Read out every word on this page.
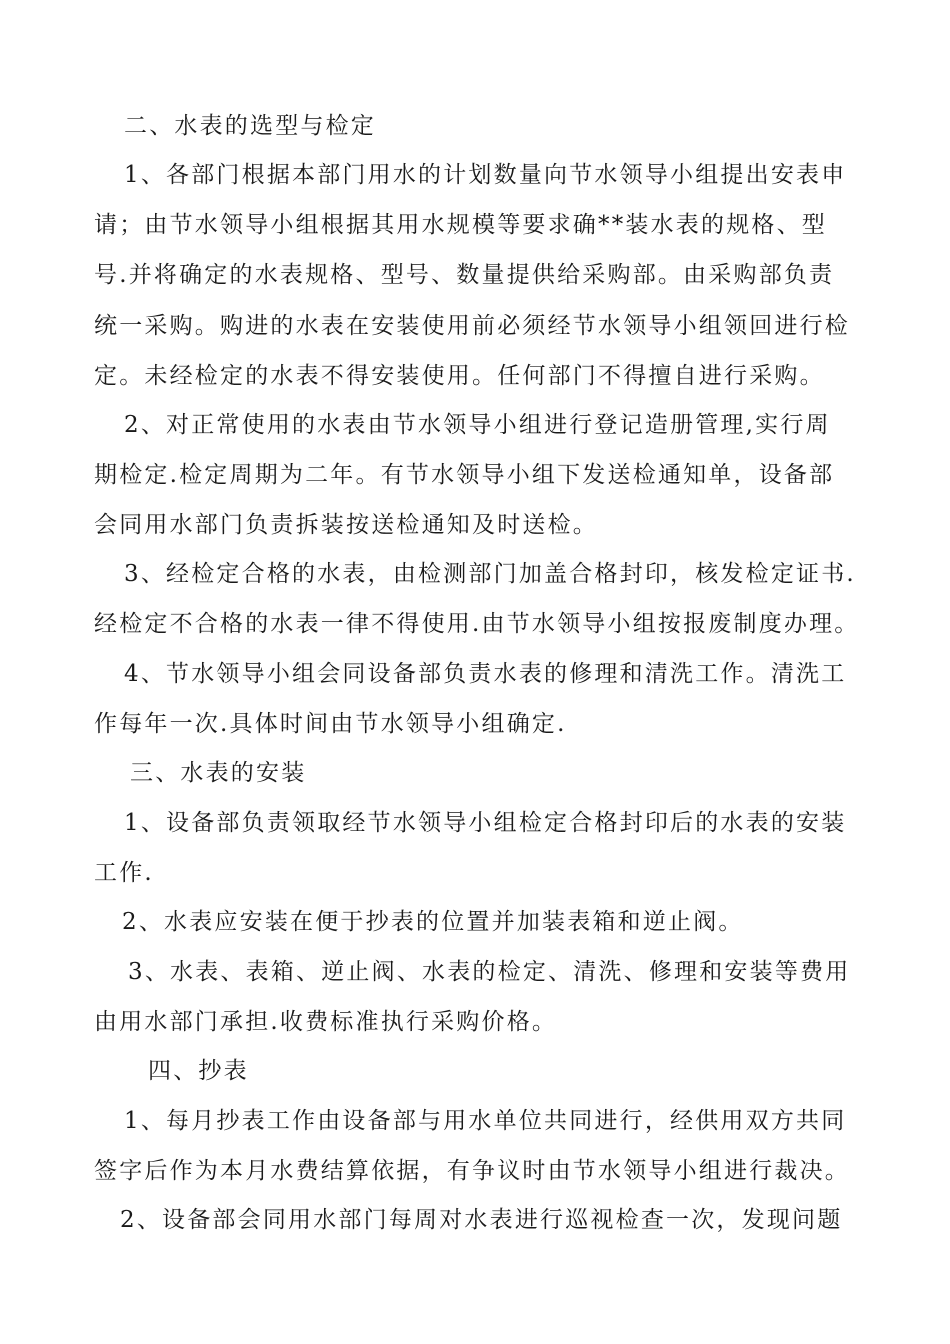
二、水表的选型与检定
1、各部门根据本部门用水的计划数量向节水领导小组提出安表申
请；由节水领导小组根据其用水规模等要求确**装水表的规格、型
号.并将确定的水表规格、型号、数量提供给采购部。由采购部负责
统一采购。购进的水表在安装使用前必须经节水领导小组领回进行检
定。未经检定的水表不得安装使用。任何部门不得擅自进行采购。
2、对正常使用的水表由节水领导小组进行登记造册管理,实行周
期检定.检定周期为二年。有节水领导小组下发送检通知单，设备部
会同用水部门负责拆装按送检通知及时送检。
3、经检定合格的水表，由检测部门加盖合格封印，核发检定证书.
经检定不合格的水表一律不得使用.由节水领导小组按报废制度办理。
4、节水领导小组会同设备部负责水表的修理和清洗工作。清洗工
作每年一次.具体时间由节水领导小组确定.
三、水表的安装
1、设备部负责领取经节水领导小组检定合格封印后的水表的安装
工作.
2、水表应安装在便于抄表的位置并加装表箱和逆止阀。
3、水表、表箱、逆止阀、水表的检定、清洗、修理和安装等费用
由用水部门承担.收费标准执行采购价格。
四、抄表
1、每月抄表工作由设备部与用水单位共同进行，经供用双方共同
签字后作为本月水费结算依据，有争议时由节水领导小组进行裁决。
2、设备部会同用水部门每周对水表进行巡视检查一次，发现问题
